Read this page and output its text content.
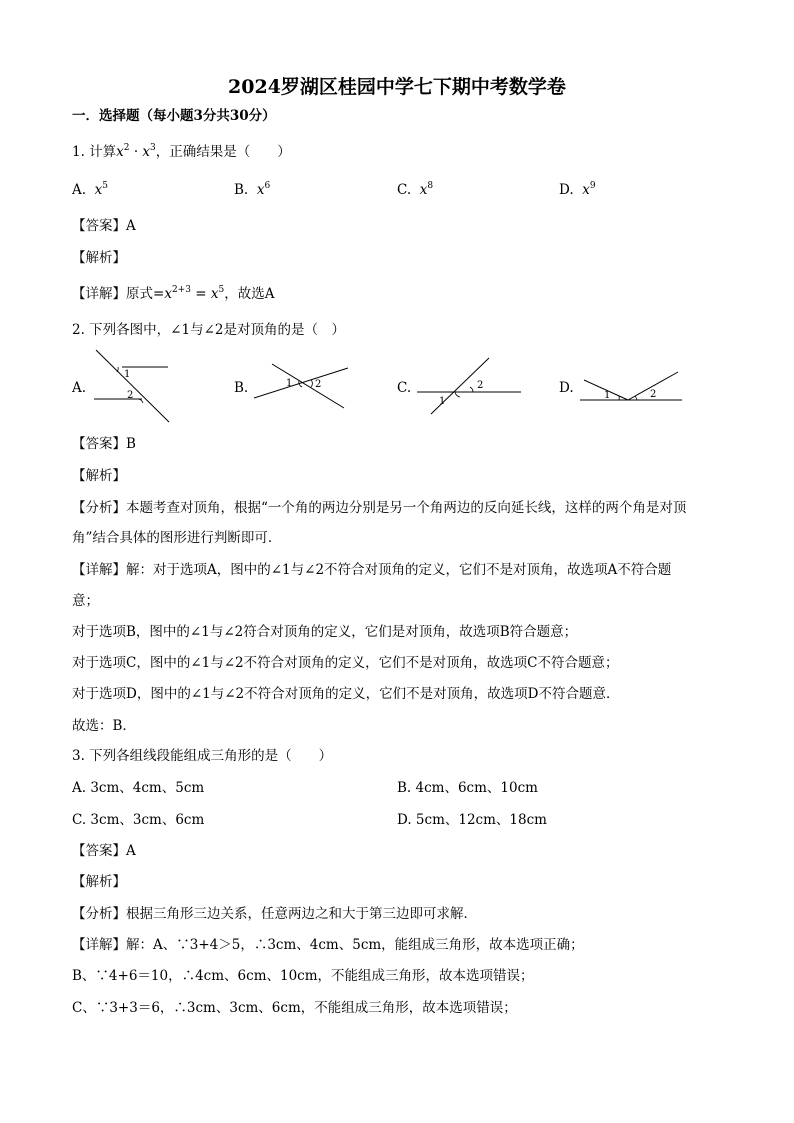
2024罗湖区桂园中学七下期中考数学卷
一．选择题（每小题3分共30分）
1. 计算$x^2 \cdot x^3$，正确结果是（　　）
A. $x^5$	B. $x^6$	C. $x^8$	D. $x^9$
【答案】A
【解析】
【详解】原式$=x^{2+3} = x^5$，故选A
2. 下列各图中，∠1与∠2是对顶角的是（　）
A.
1
2	B.	1 2	C.
1
2	D.	1	2
【答案】B
【解析】
【分析】本题考查对顶角，根据“一个角的两边分别是另一个角两边的反向延长线，这样的两个角是对顶
角”结合具体的图形进行判断即可．
【详解】解：对于选项A，图中的∠1与∠2不符合对顶角的定义，它们不是对顶角，故选项A不符合题
意；
对于选项B，图中的∠1与∠2符合对顶角的定义，它们是对顶角，故选项B符合题意；
对于选项C，图中的∠1与∠2不符合对顶角的定义，它们不是对顶角，故选项C不符合题意；
对于选项D，图中的∠1与∠2不符合对顶角的定义，它们不是对顶角，故选项D不符合题意．
故选：B．
3. 下列各组线段能组成三角形的是（　　）
A. 3cm、4cm、5cm	B. 4cm、6cm、10cm
C. 3cm、3cm、6cm	D. 5cm、12cm、18cm
【答案】A
【解析】
【分析】根据三角形三边关系，任意两边之和大于第三边即可求解．
【详解】解：A、∵3+4＞5，∴3cm、4cm、5cm，能组成三角形，故本选项正确；
B、∵4+6＝10，∴4cm、6cm、10cm，不能组成三角形，故本选项错误；
C、∵3+3＝6，∴3cm、3cm、6cm，不能组成三角形，故本选项错误；
